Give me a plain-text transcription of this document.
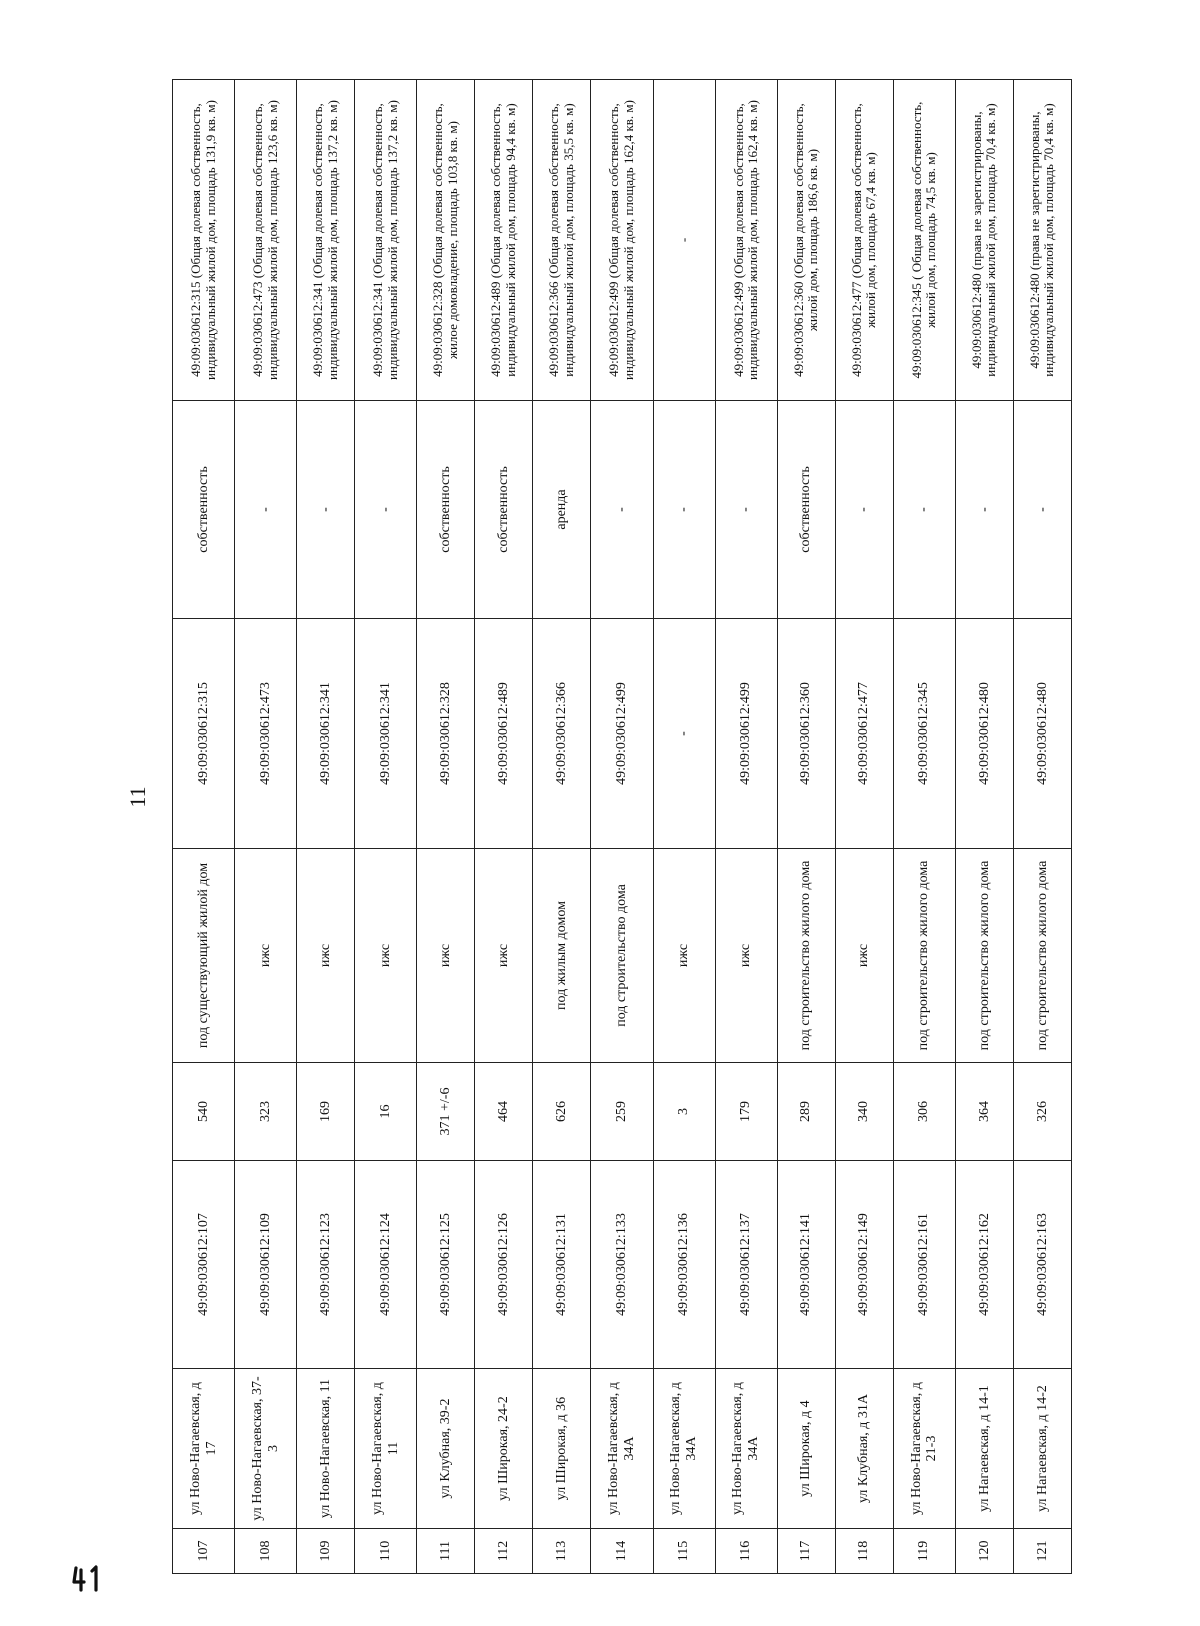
11
107	ул Ново-Нагаевская, д 17	49:09:030612:107	540	под существующий жилой дом	49:09:030612:315	собственность	49:09:030612:315 (Общая долевая собственность, индивидуальный жилой дом, площадь 131,9 кв. м)
108	ул Ново-Нагаевская, 37-3	49:09:030612:109	323	ижс	49:09:030612:473	-	49:09:030612:473 (Общая долевая собственность, индивидуальный жилой дом, площадь 123,6 кв. м)
109	ул Ново-Нагаевская, 11	49:09:030612:123	169	ижс	49:09:030612:341	-	49:09:030612:341 (Общая долевая собственность, индивидуальный жилой дом, площадь 137,2 кв. м)
110	ул Ново-Нагаевская, д 11	49:09:030612:124	16	ижс	49:09:030612:341	-	49:09:030612:341 (Общая долевая собственность, индивидуальный жилой дом, площадь 137,2 кв. м)
111	ул Клубная, 39-2	49:09:030612:125	371 +/-6	ижс	49:09:030612:328	собственность	49:09:030612:328 (Общая долевая собственность, жилое домовладение, площадь 103,8 кв. м)
112	ул Широкая, 24-2	49:09:030612:126	464	ижс	49:09:030612:489	собственность	49:09:030612:489 (Общая долевая собственность, индивидуальный жилой дом, площадь 94,4 кв. м)
113	ул Широкая, д 36	49:09:030612:131	626	под жилым домом	49:09:030612:366	аренда	49:09:030612:366 (Общая долевая собственность, индивидуальный жилой дом, площадь 35,5 кв. м)
114	ул Ново-Нагаевская, д 34А	49:09:030612:133	259	под строительство дома	49:09:030612:499	-	49:09:030612:499 (Общая долевая собственность, индивидуальный жилой дом, площадь 162,4 кв. м)
115	ул Ново-Нагаевская, д 34А	49:09:030612:136	3	ижс	-	-	-
116	ул Ново-Нагаевская, д 34А	49:09:030612:137	179	ижс	49:09:030612:499	-	49:09:030612:499 (Общая долевая собственность, индивидуальный жилой дом, площадь 162,4 кв. м)
117	ул Широкая, д 4	49:09:030612:141	289	под строительство жилого дома	49:09:030612:360	собственность	49:09:030612:360 (Общая долевая собственность, жилой дом, площадь 186,6 кв. м)
118	ул Клубная, д 31А	49:09:030612:149	340	ижс	49:09:030612:477	-	49:09:030612:477 (Общая долевая собственность, жилой дом, площадь 67,4 кв. м)
119	ул Ново-Нагаевская, д 21-3	49:09:030612:161	306	под строительство жилого дома	49:09:030612:345	-	49:09:030612:345 ( Общая долевая собственность, жилой дом, площадь 74,5 кв. м)
120	ул Нагаевская, д 14-1	49:09:030612:162	364	под строительство жилого дома	49:09:030612:480	-	49:09:030612:480 (права не зарегистрированы, индивидуальный жилой дом, площадь 70,4 кв. м)
121	ул Нагаевская, д 14-2	49:09:030612:163	326	под строительство жилого дома	49:09:030612:480	-	49:09:030612:480 (права не зарегистрированы, индивидуальный жилой дом, площадь 70,4 кв. м)
